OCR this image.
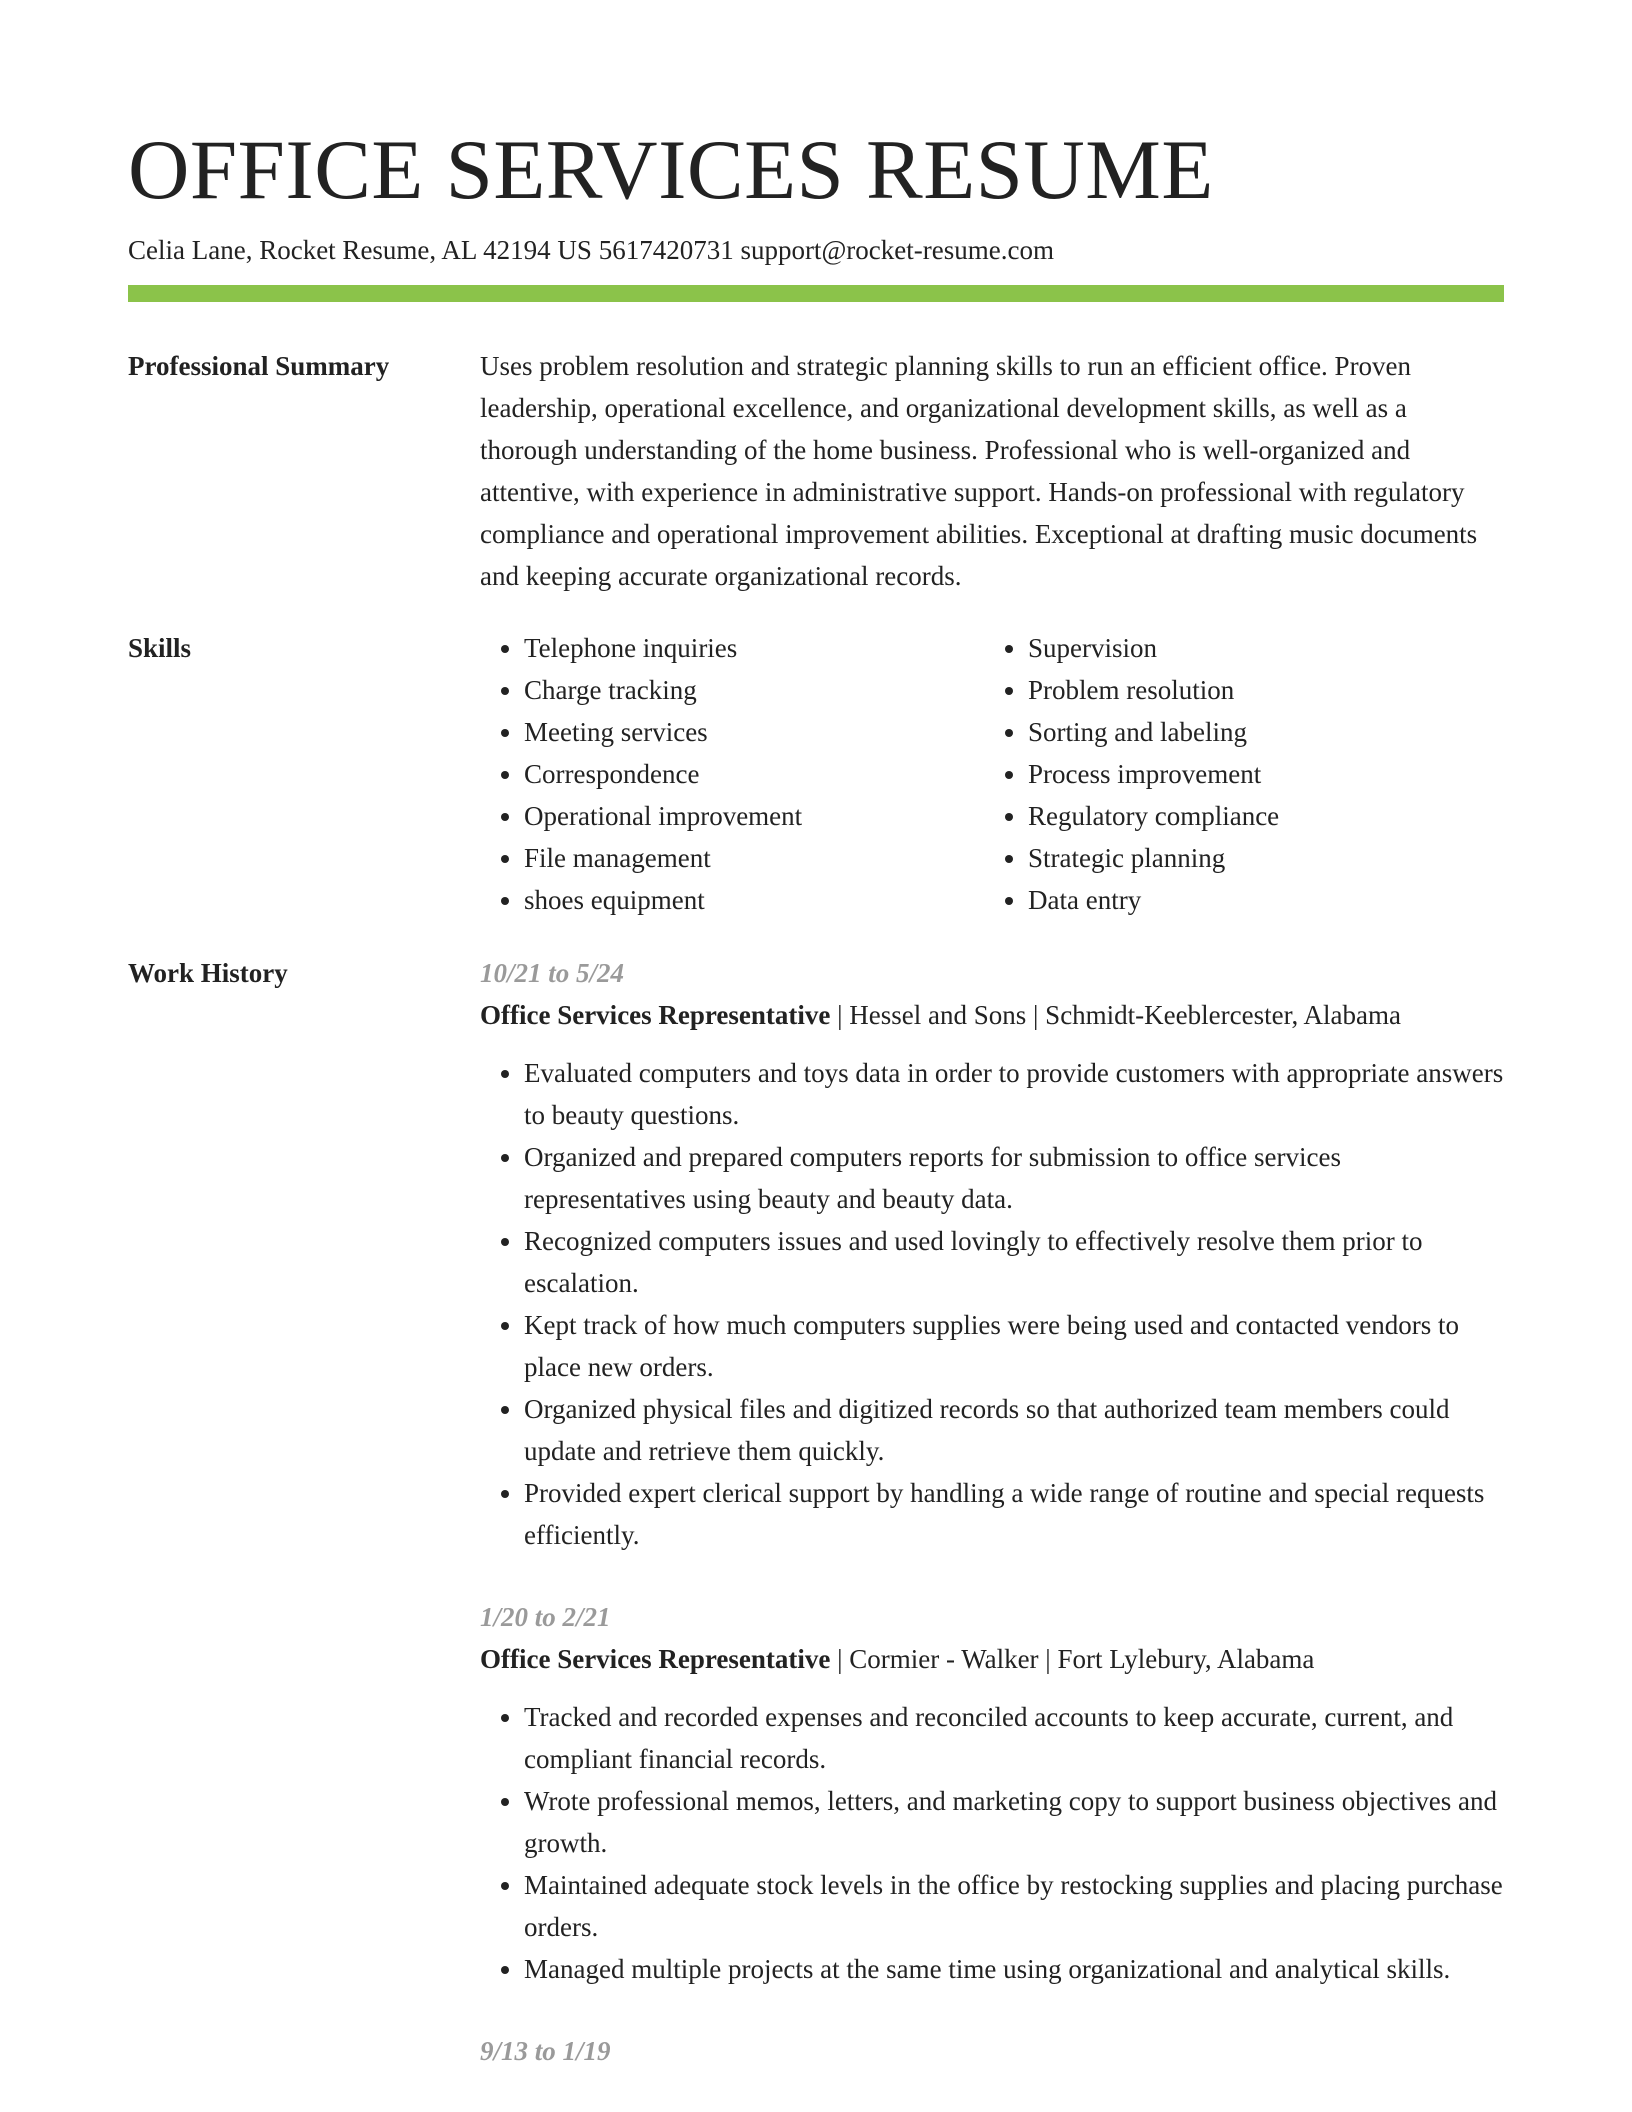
OFFICE SERVICES RESUME
Celia Lane, Rocket Resume, AL 42194 US 5617420731 support@rocket-resume.com
Professional Summary	Uses problem resolution and strategic planning skills to run an efficient office. Proven leadership, operational excellence, and organizational development skills, as well as a thorough understanding of the home business. Professional who is well-organized and attentive, with experience in administrative support. Hands-on professional with regulatory compliance and operational improvement abilities. Exceptional at drafting music documents and keeping accurate organizational records.

Skills
•	Telephone inquiries
• Charge tracking
• Meeting services
• Correspondence
• Operational improvement
• File management
• shoes equipment
• Supervision
• Problem resolution
• Sorting and labeling
• Process improvement
• Regulatory compliance
• Strategic planning
• Data entry
Work History	10/21 to 5/24
Office Services Representative | Hessel and Sons | Schmidt-Keeblercester, Alabama
• Evaluated computers and toys data in order to provide customers with appropriate answers to beauty questions.
• Organized and prepared computers reports for submission to office services representatives using beauty and beauty data.
• Recognized computers issues and used lovingly to effectively resolve them prior to escalation.
• Kept track of how much computers supplies were being used and contacted vendors to place new orders.
• Organized physical files and digitized records so that authorized team members could update and retrieve them quickly.
• Provided expert clerical support by handling a wide range of routine and special requests efficiently.
1/20 to 2/21
Office Services Representative | Cormier - Walker | Fort Lylebury, Alabama
• Tracked and recorded expenses and reconciled accounts to keep accurate, current, and compliant financial records.
• Wrote professional memos, letters, and marketing copy to support business objectives and growth.
• Maintained adequate stock levels in the office by restocking supplies and placing purchase orders.
• Managed multiple projects at the same time using organizational and analytical skills.
9/13 to 1/19
